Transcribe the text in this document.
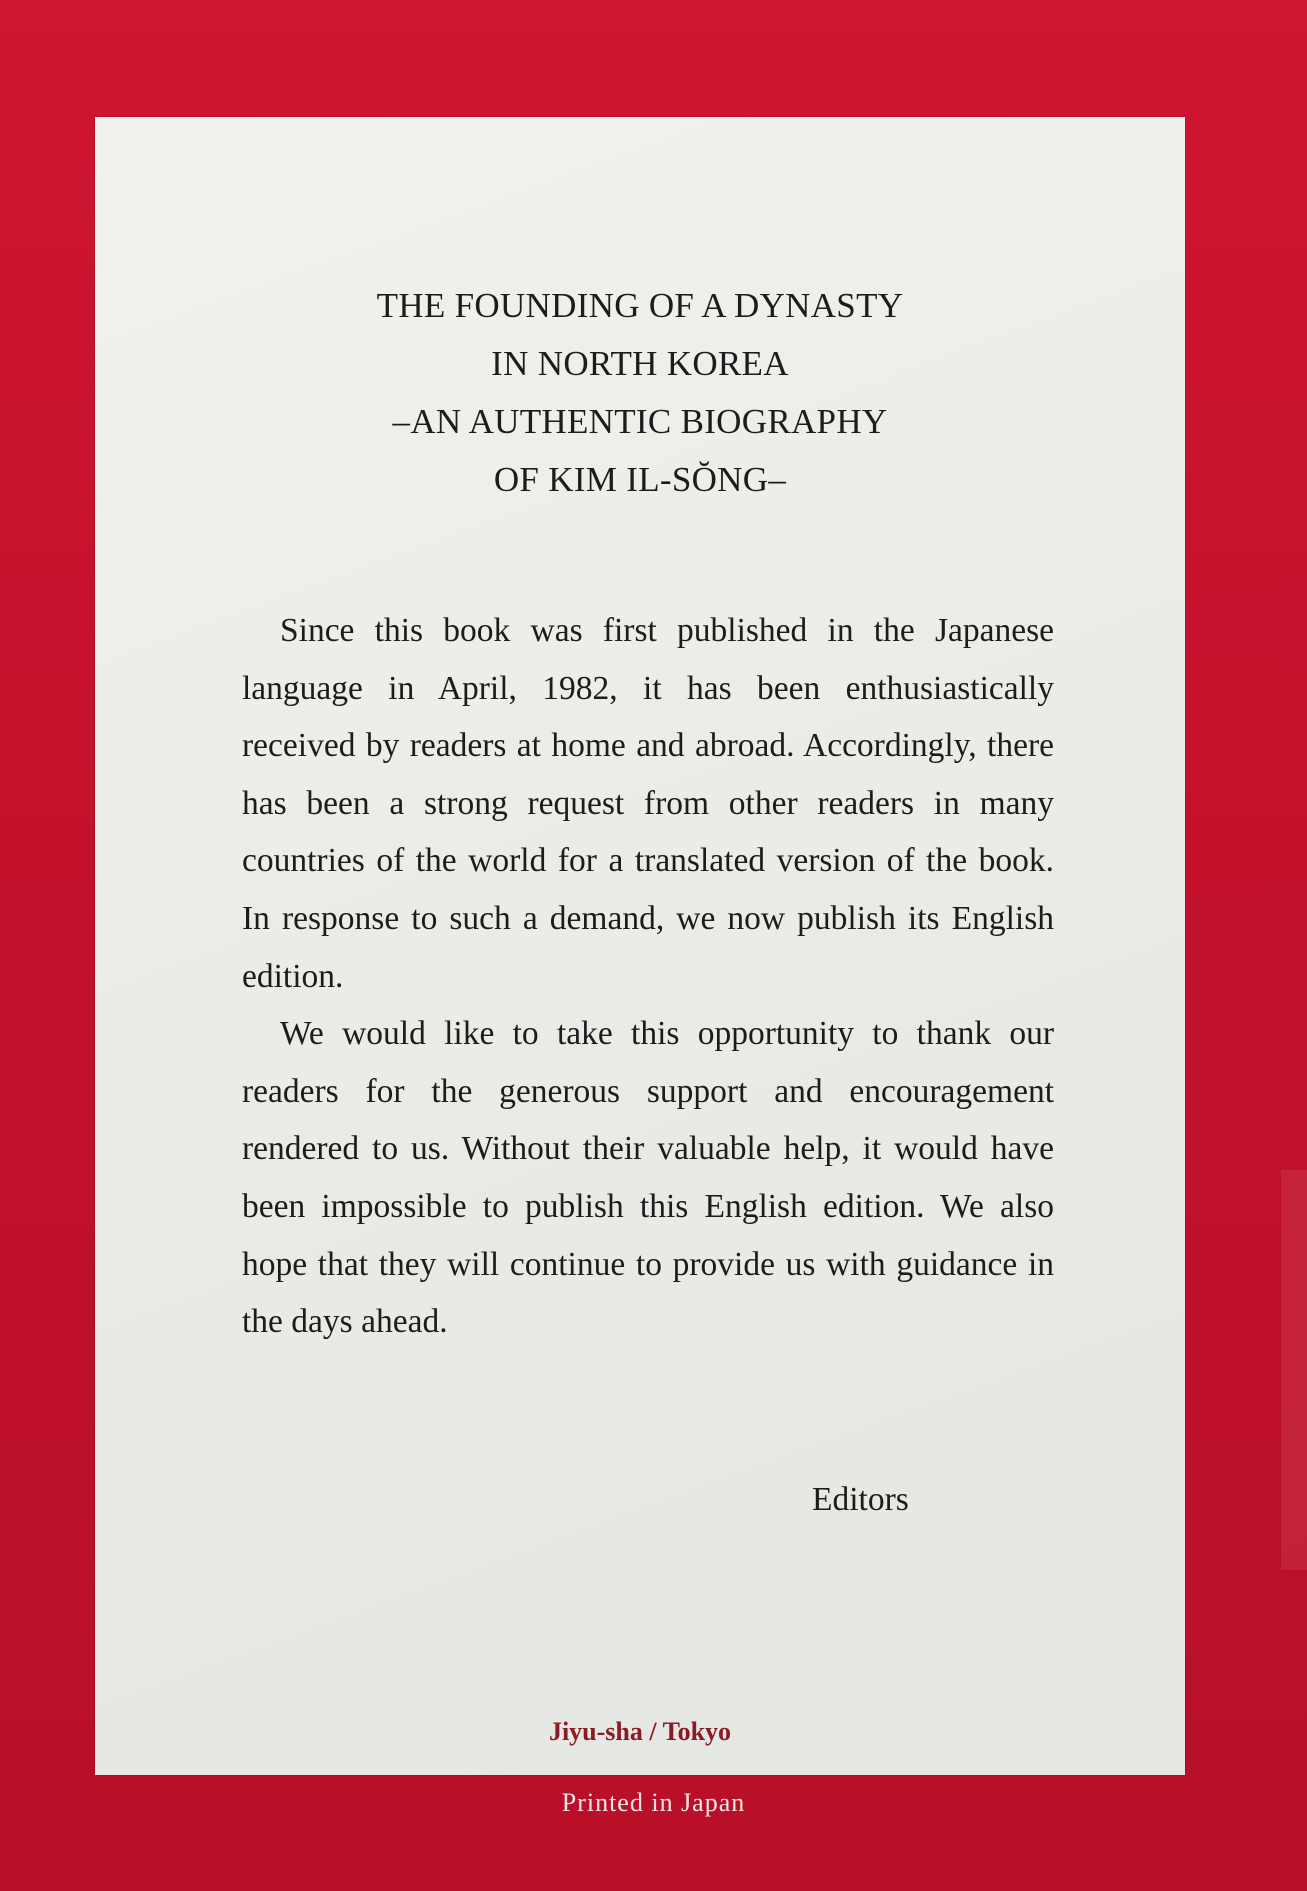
THE FOUNDING OF A DYNASTY
IN NORTH KOREA
–AN AUTHENTIC BIOGRAPHY
OF KIM IL-SŎNG–

Since this book was first published in the Japanese language in April, 1982, it has been enthusiastically received by readers at home and abroad. Accordingly, there has been a strong request from other readers in many countries of the world for a translated version of the book. In response to such a demand, we now publish its English edition.

We would like to take this opportunity to thank our readers for the generous support and encouragement rendered to us. Without their valuable help, it would have been impossible to publish this English edition. We also hope that they will continue to provide us with guidance in the days ahead.

Editors
Jiyu-sha / Tokyo
Printed in Japan
